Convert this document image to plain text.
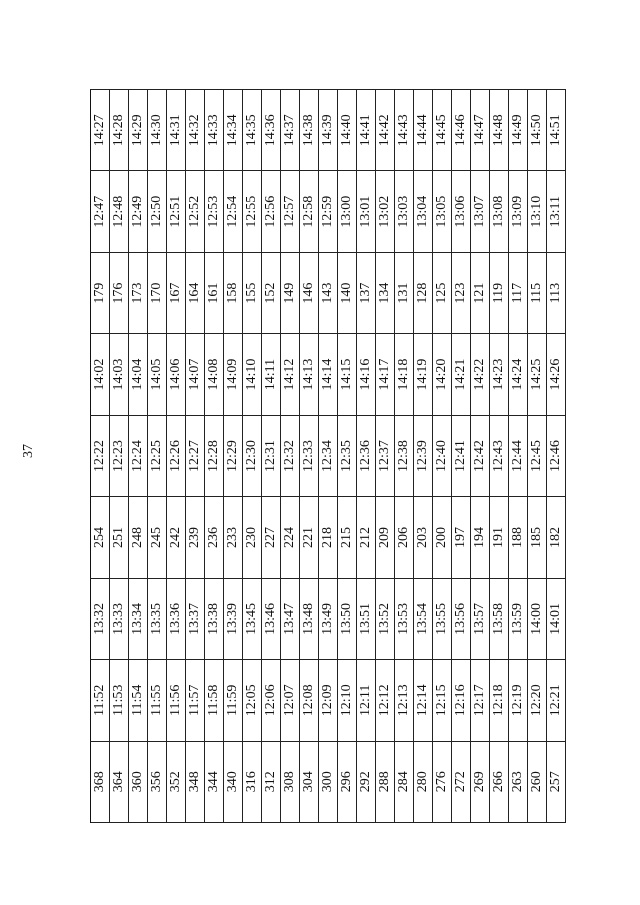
37
368	11:52	13:32	254	12:22	14:02	179	12:47	14:27
364	11:53	13:33	251	12:23	14:03	176	12:48	14:28
360	11:54	13:34	248	12:24	14:04	173	12:49	14:29
356	11:55	13:35	245	12:25	14:05	170	12:50	14:30
352	11:56	13:36	242	12:26	14:06	167	12:51	14:31
348	11:57	13:37	239	12:27	14:07	164	12:52	14:32
344	11:58	13:38	236	12:28	14:08	161	12:53	14:33
340	11:59	13:39	233	12:29	14:09	158	12:54	14:34
316	12:05	13:45	230	12:30	14:10	155	12:55	14:35
312	12:06	13:46	227	12:31	14:11	152	12:56	14:36
308	12:07	13:47	224	12:32	14:12	149	12:57	14:37
304	12:08	13:48	221	12:33	14:13	146	12:58	14:38
300	12:09	13:49	218	12:34	14:14	143	12:59	14:39
296	12:10	13:50	215	12:35	14:15	140	13:00	14:40
292	12:11	13:51	212	12:36	14:16	137	13:01	14:41
288	12:12	13:52	209	12:37	14:17	134	13:02	14:42
284	12:13	13:53	206	12:38	14:18	131	13:03	14:43
280	12:14	13:54	203	12:39	14:19	128	13:04	14:44
276	12:15	13:55	200	12:40	14:20	125	13:05	14:45
272	12:16	13:56	197	12:41	14:21	123	13:06	14:46
269	12:17	13:57	194	12:42	14:22	121	13:07	14:47
266	12:18	13:58	191	12:43	14:23	119	13:08	14:48
263	12:19	13:59	188	12:44	14:24	117	13:09	14:49
260	12:20	14:00	185	12:45	14:25	115	13:10	14:50
257	12:21	14:01	182	12:46	14:26	113	13:11	14:51
